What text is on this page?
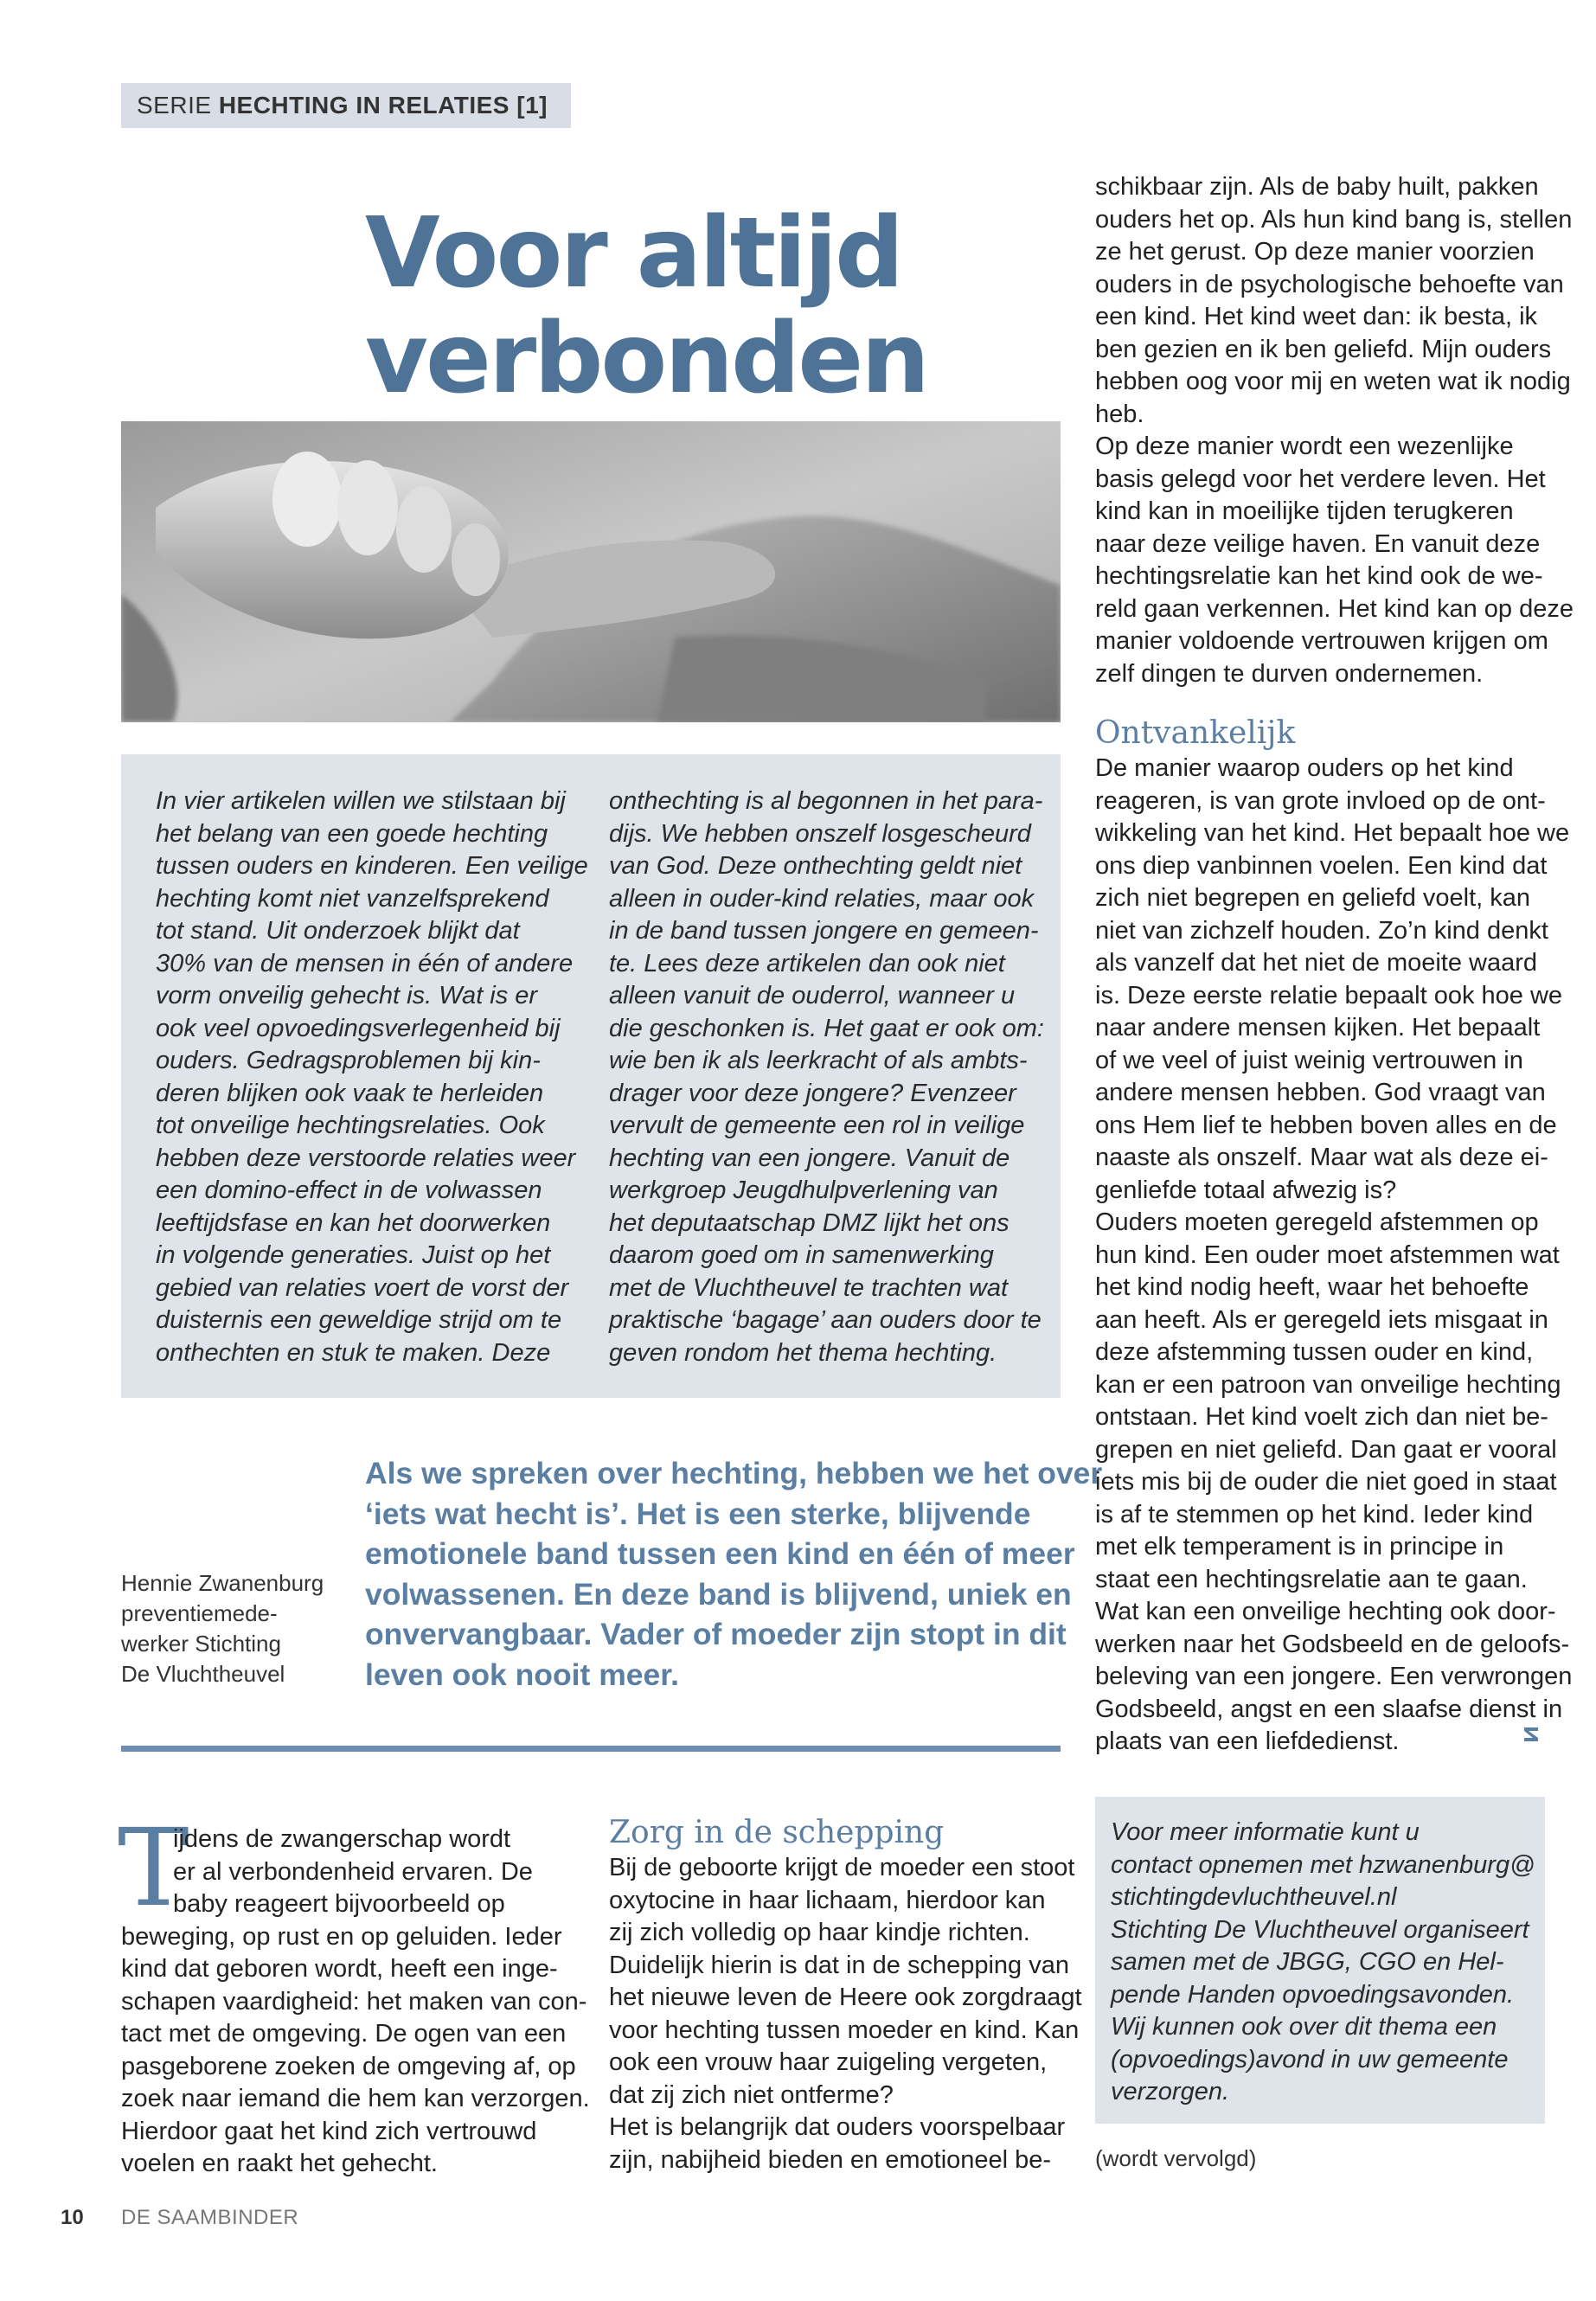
SERIE HECHTING IN RELATIES [1]
Voor altijd
verbonden
In vier artikelen willen we stilstaan bij
het belang van een goede hechting
tussen ouders en kinderen. Een veilige
hechting komt niet vanzelfsprekend
tot stand. Uit onderzoek blijkt dat
30% van de mensen in één of andere
vorm onveilig gehecht is. Wat is er
ook veel opvoedingsverlegenheid bij
ouders. Gedragsproblemen bij kin-
deren blijken ook vaak te herleiden
tot onveilige hechtingsrelaties. Ook
hebben deze verstoorde relaties weer
een domino-effect in de volwassen
leeftijdsfase en kan het doorwerken
in volgende generaties. Juist op het
gebied van relaties voert de vorst der
duisternis een geweldige strijd om te
onthechten en stuk te maken. Deze
onthechting is al begonnen in het para-
dijs. We hebben onszelf losgescheurd
van God. Deze onthechting geldt niet
alleen in ouder-kind relaties, maar ook
in de band tussen jongere en gemeen-
te. Lees deze artikelen dan ook niet
alleen vanuit de ouderrol, wanneer u
die geschonken is. Het gaat er ook om:
wie ben ik als leerkracht of als ambts-
drager voor deze jongere? Evenzeer
vervult de gemeente een rol in veilige
hechting van een jongere. Vanuit de
werkgroep Jeugdhulpverlening van
het deputaatschap DMZ lijkt het ons
daarom goed om in samenwerking
met de Vluchtheuvel te trachten wat
praktische ‘bagage’ aan ouders door te
geven rondom het thema hechting.
Hennie Zwanenburg
preventiemede-
werker Stichting
De Vluchtheuvel
Als we spreken over hechting, hebben we het over
‘iets wat hecht is’. Het is een sterke, blijvende
emotionele band tussen een kind en één of meer
volwassenen. En deze band is blijvend, uniek en
onvervangbaar. Vader of moeder zijn stopt in dit
leven ook nooit meer.
schikbaar zijn. Als de baby huilt, pakken
ouders het op. Als hun kind bang is, stellen
ze het gerust. Op deze manier voorzien
ouders in de psychologische behoefte van
een kind. Het kind weet dan: ik besta, ik
ben gezien en ik ben geliefd. Mijn ouders
hebben oog voor mij en weten wat ik nodig
heb.
Op deze manier wordt een wezenlijke
basis gelegd voor het verdere leven. Het
kind kan in moeilijke tijden terugkeren
naar deze veilige haven. En vanuit deze
hechtingsrelatie kan het kind ook de we-
reld gaan verkennen. Het kind kan op deze
manier voldoende vertrouwen krijgen om
zelf dingen te durven ondernemen.
Ontvankelijk
De manier waarop ouders op het kind
reageren, is van grote invloed op de ont-
wikkeling van het kind. Het bepaalt hoe we
ons diep vanbinnen voelen. Een kind dat
zich niet begrepen en geliefd voelt, kan
niet van zichzelf houden. Zo’n kind denkt
als vanzelf dat het niet de moeite waard
is. Deze eerste relatie bepaalt ook hoe we
naar andere mensen kijken. Het bepaalt
of we veel of juist weinig vertrouwen in
andere mensen hebben. God vraagt van
ons Hem lief te hebben boven alles en de
naaste als onszelf. Maar wat als deze ei-
genliefde totaal afwezig is?
Ouders moeten geregeld afstemmen op
hun kind. Een ouder moet afstemmen wat
het kind nodig heeft, waar het behoefte
aan heeft. Als er geregeld iets misgaat in
deze afstemming tussen ouder en kind,
kan er een patroon van onveilige hechting
ontstaan. Het kind voelt zich dan niet be-
grepen en niet geliefd. Dan gaat er vooral
iets mis bij de ouder die niet goed in staat
is af te stemmen op het kind. Ieder kind
met elk temperament is in principe in
staat een hechtingsrelatie aan te gaan.
Wat kan een onveilige hechting ook door-
werken naar het Godsbeeld en de geloofs-
beleving van een jongere. Een verwrongen
Godsbeeld, angst en een slaafse dienst in
plaats van een liefdedienst.
T
ijdens de zwangerschap wordt
er al verbondenheid ervaren. De
baby reageert bijvoorbeeld op
beweging, op rust en op geluiden. Ieder
kind dat geboren wordt, heeft een inge-
schapen vaardigheid: het maken van con-
tact met de omgeving. De ogen van een
pasgeborene zoeken de omgeving af, op
zoek naar iemand die hem kan verzorgen.
Hierdoor gaat het kind zich vertrouwd
voelen en raakt het gehecht.
Zorg in de schepping
Bij de geboorte krijgt de moeder een stoot
oxytocine in haar lichaam, hierdoor kan
zij zich volledig op haar kindje richten.
Duidelijk hierin is dat in de schepping van
het nieuwe leven de Heere ook zorgdraagt
voor hechting tussen moeder en kind. Kan
ook een vrouw haar zuigeling vergeten,
dat zij zich niet ontferme?
Het is belangrijk dat ouders voorspelbaar
zijn, nabijheid bieden en emotioneel be-
Voor meer informatie kunt u
contact opnemen met hzwanenburg@
stichtingdevluchtheuvel.nl
Stichting De Vluchtheuvel organiseert
samen met de JBGG, CGO en Hel-
pende Handen opvoedingsavonden.
Wij kunnen ook over dit thema een
(opvoedings)avond in uw gemeente
verzorgen.
(wordt vervolgd)
10 DE SAAMBINDER
